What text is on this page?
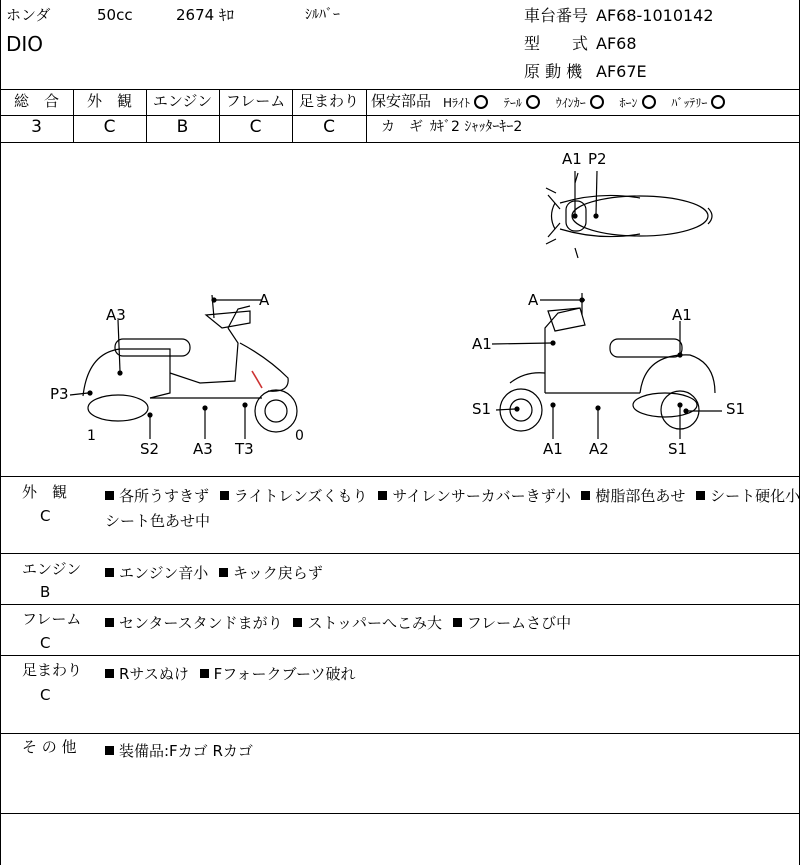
ホンダ	50cc	2674 ｷﾛ	ｼﾙﾊﾞｰ
DIO
車台番号 AF68-1010142
型　　式 AF68
原 動 機 AF67E
総　合	外　観	エンジン フレーム 足まわり
3	C	B	C	C
保安部品 Hﾗｲﾄ	ﾃｰﾙ	ｳｲﾝｶｰ	ﾎｰﾝ	ﾊﾞｯﾃﾘｰ
カ　ギ ｶｷﾞ2 ｼｬｯﾀｰｷｰ2
A1 P2
A
A3
P3
1
S2 A3 T3
0
A
A1
A1
S1	S1
A1 A2	S1
外　観
C
各所うすきず ライトレンズくもり サイレンサーカバーきず小 樹脂部色あせ シート硬化小
シート色あせ中
エンジン
B
エンジン音小 キック戻らず
フレーム
C
センタースタンドまがり ストッパーへこみ大 フレームさび中
足まわり
C
Rサスぬけ Fフォークブーツ破れ
そ の 他	装備品:Fカゴ Rカゴ
